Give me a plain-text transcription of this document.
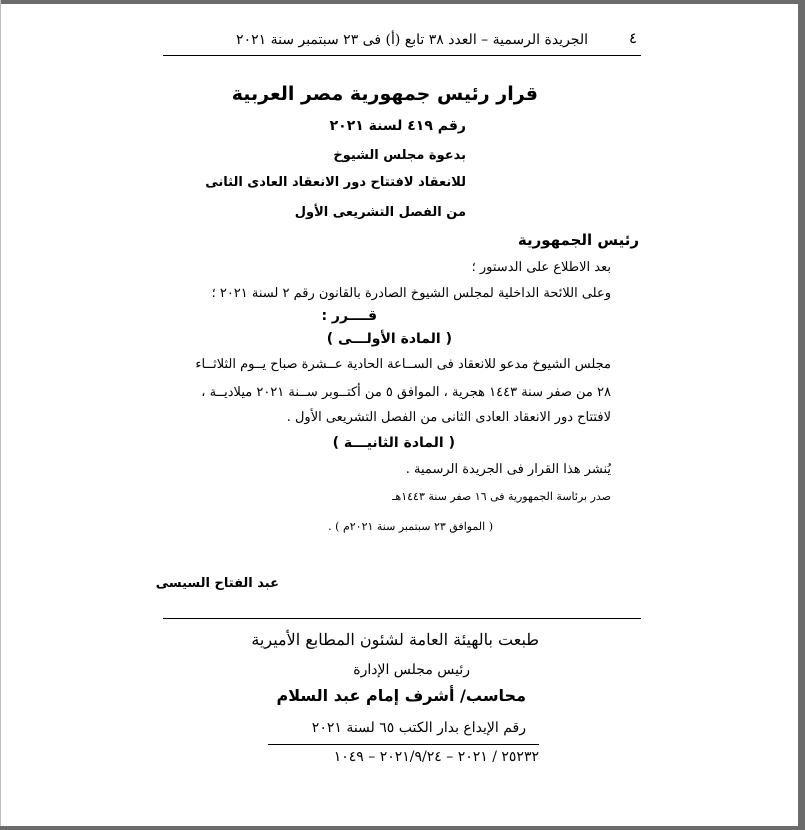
٤
الجريدة الرسمية – العدد ٣٨ تابع (أ) فى ٢٣ سبتمبر سنة ٢٠٢١
قرار رئيس جمهورية مصر العربية
رقم ٤١٩ لسنة ٢٠٢١
بدعوة مجلس الشيوخ
للانعقاد لافتتاح دور الانعقاد العادى الثانى
من الفصل التشريعى الأول
رئيس الجمهورية
بعد الاطلاع على الدستور ؛
وعلى اللائحة الداخلية لمجلس الشيوخ الصادرة بالقانون رقم ٢ لسنة ٢٠٢١ ؛
قــــرر :
( المادة الأولـــى )
مجلس الشيوخ مدعو للانعقاد فى الســاعة الحادية عــشرة صباح يــوم الثلاثــاء
٢٨ من صفر سنة ١٤٤٣ هجرية ، الموافق ٥ من أكتــوبر ســنة ٢٠٢١ ميلاديــة ،
لافتتاح دور الانعقاد العادى الثانى من الفصل التشريعى الأول .
( المادة الثانيـــة )
يُنشر هذا القرار فى الجريدة الرسمية .
صدر برئاسة الجمهورية فى ١٦ صفر سنة ١٤٤٣هـ
( الموافق ٢٣ سبتمبر سنة ٢٠٢١م ) .
عبد الفتاح السيسى
طبعت بالهيئة العامة لشئون المطابع الأميرية
رئيس مجلس الإدارة
محاسب/ أشرف إمام عبد السلام
رقم الإيداع بدار الكتب ٦٥ لسنة ٢٠٢١
٢٥٢٣٢ / ٢٠٢١ – ٢٠٢١/٩/٢٤ – ١٠٤٩
